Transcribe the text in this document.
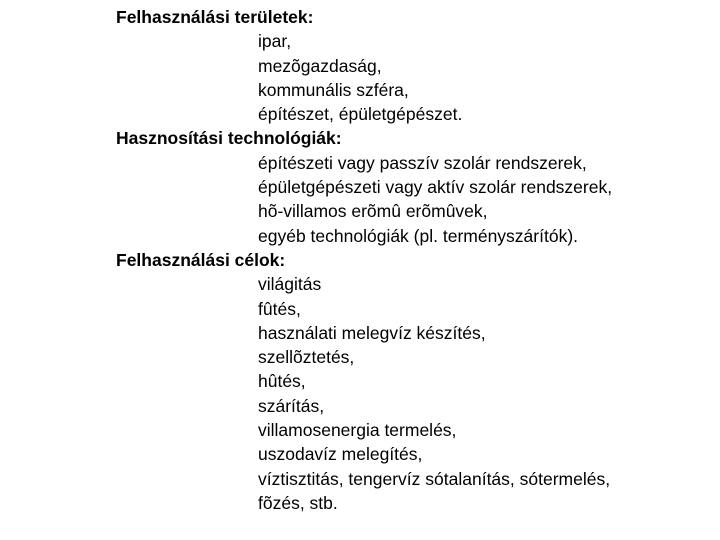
Felhasználási területek:
ipar,
mezõgazdaság,
kommunális szféra,
építészet, épületgépészet.
Hasznosítási technológiák:
építészeti vagy passzív szolár rendszerek,
épületgépészeti vagy aktív szolár rendszerek,
hõ-villamos erõmû erõmûvek,
egyéb technológiák (pl. terményszárítók).
Felhasználási célok:
világitás
fûtés,
használati melegvíz készítés,
szellõztetés,
hûtés,
szárítás,
villamosenergia termelés,
uszodavíz melegítés,
víztisztitás, tengervíz sótalanítás, sótermelés,
fõzés, stb.
